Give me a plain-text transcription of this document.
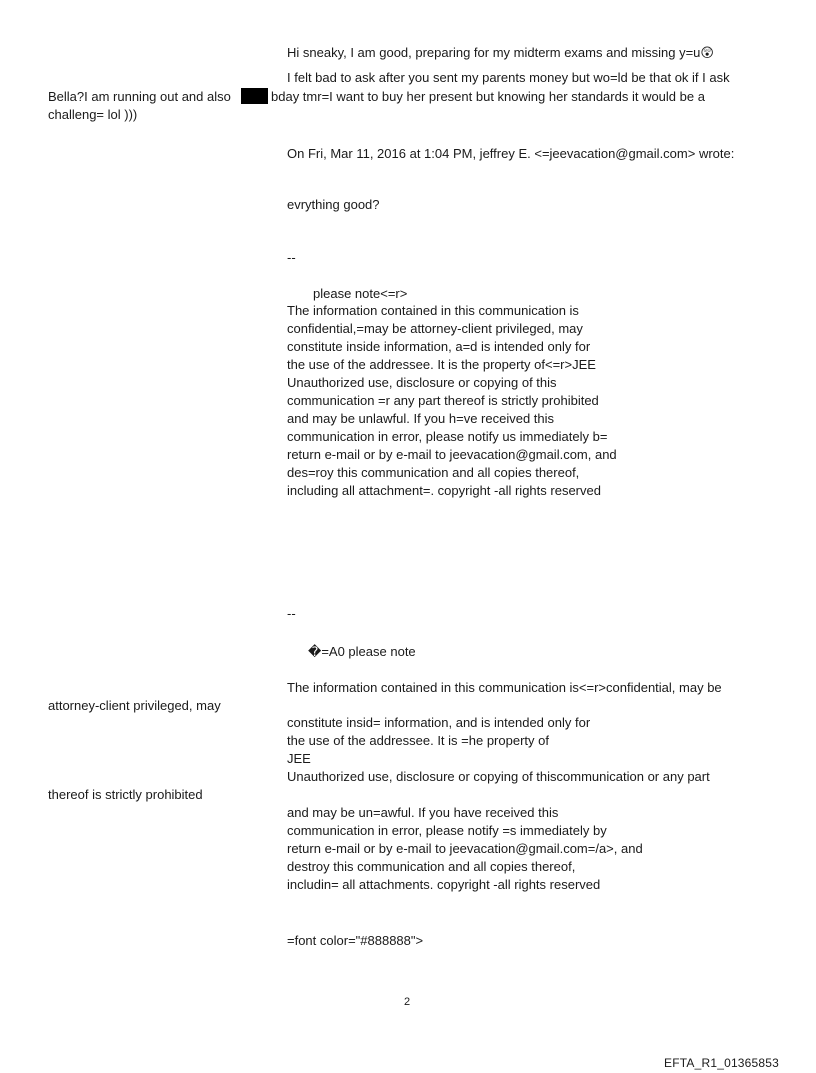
Hi sneaky, I am good, preparing for my midterm exams and missing y=u😲
I felt bad to ask after you sent my parents money but wo=ld be that ok if I ask
Bella?I am running out and also	bday tmr=I want to buy her present but knowing her standards it would be a
challeng= lol )))
On Fri, Mar 11, 2016 at 1:04 PM, jeffrey E. <=jeevacation@gmail.com> wrote:
evrything good?
--
please note<=r>
The information contained in this communication is
confidential,=may be attorney-client privileged, may
constitute inside information, a=d is intended only for
the use of the addressee. It is the property of<=r>JEE
Unauthorized use, disclosure or copying of this
communication =r any part thereof is strictly prohibited
and may be unlawful. If you h=ve received this
communication in error, please notify us immediately b=
return e-mail or by e-mail to jeevacation@gmail.com, and
des=roy this communication and all copies thereof,
including all attachment=. copyright -all rights reserved
--
�=A0 please note
The information contained in this communication is<=r>confidential, may be
attorney-client privileged, may
constitute insid= information, and is intended only for
the use of the addressee. It is =he property of
JEE
Unauthorized use, disclosure or copying of thiscommunication or any part
thereof is strictly prohibited
and may be un=awful. If you have received this
communication in error, please notify =s immediately by
return e-mail or by e-mail to jeevacation@gmail.com=/a>, and
destroy this communication and all copies thereof,
includin= all attachments. copyright -all rights reserved
=font color="#888888">
2
EFTA_R1_01365853
